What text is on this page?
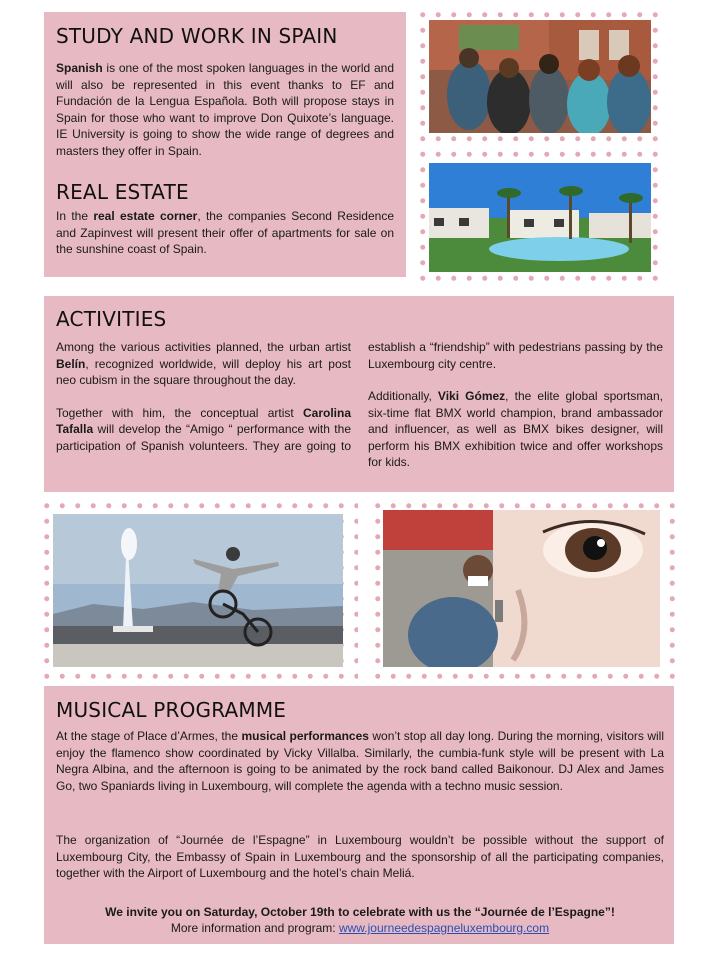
STUDY AND WORK IN SPAIN

Spanish is one of the most spoken languages in the world and will also be represented in this event thanks to EF and Fundación de la Lengua Española. Both will propose stays in Spain for those who want to improve Don Quixote’s language. IE University is going to show the wide range of degrees and masters they offer in Spain.

REAL ESTATE

In the real estate corner, the companies Second Residence and Zapinvest will present their offer of apartments for sale on the sunshine coast of Spain.

ACTIVITIES

Among the various activities planned, the urban artist Belín, recognized worldwide, will deploy his art post neo cubism in the square throughout the day.

Together with him, the conceptual artist Carolina Tafalla will develop the “Amigo “ performance with the participation of Spanish volunteers. They are going to establish a “friendship” with pedestrians passing by the Luxembourg city centre.

Additionally, Viki Gómez, the elite global sportsman, six-time flat BMX world champion, brand ambassador and influencer, as well as BMX bikes designer, will perform his BMX exhibition twice and offer workshops for kids.

MUSICAL PROGRAMME

At the stage of Place d’Armes, the musical performances won’t stop all day long. During the morning, visitors will enjoy the flamenco show coordinated by Vicky Villalba. Similarly, the cumbia-funk style will be present with La Negra Albina, and the afternoon is going to be animated by the rock band called Baikonour. DJ Alex and James Go, two Spaniards living in Luxembourg, will complete the agenda with a techno music session.

The organization of “Journée de l’Espagne” in Luxembourg wouldn’t be possible without the support of Luxembourg City, the Embassy of Spain in Luxembourg and the sponsorship of all the participating companies, together with the Airport of Luxembourg and the hotel’s chain Meliá.

We invite you on Saturday, October 19th to celebrate with us the “Journée de l’Espagne”!

More information and program: www.journeedespagneluxembourg.com
